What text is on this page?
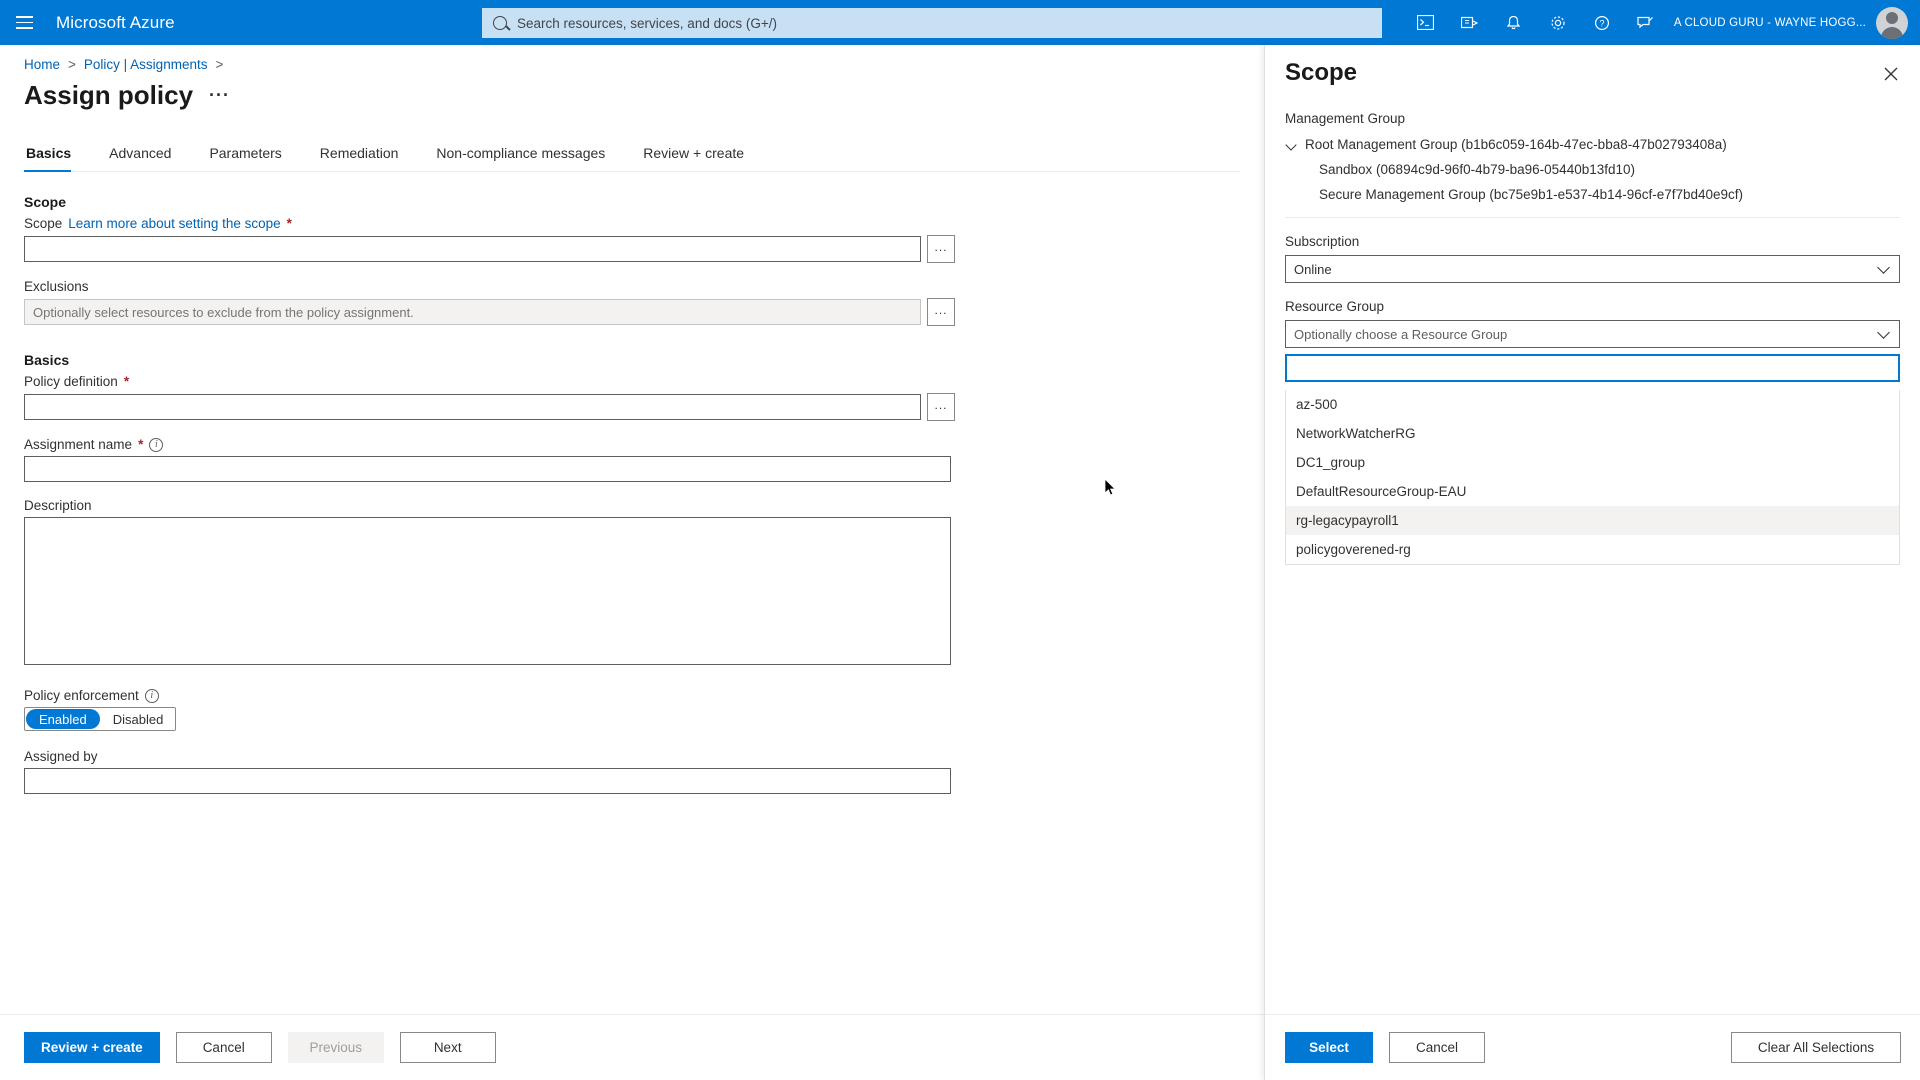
Microsoft Azure	Search resources, services, and docs (G+/)	?	A CLOUD GURU - WAYNE HOGG...
Home > Policy | Assignments >
Assign policy ···
Basics	Advanced	Parameters	Remediation	Non-compliance messages	Review + create
Scope
Scope Learn more about setting the scope *
...
Exclusions
Optionally select resources to exclude from the policy assignment.
...
Basics
Policy definition *
...
Assignment name *	i
Description
Policy enforcement	i
Enabled	Disabled
Assigned by
Review + create	Cancel	Previous	Next
Scope
Management Group
Root Management Group (b1b6c059-164b-47ec-bba8-47b02793408a)
Sandbox (06894c9d-96f0-4b79-ba96-05440b13fd10)
Secure Management Group (bc75e9b1-e537-4b14-96cf-e7f7bd40e9cf)
Subscription
Online
Resource Group
Optionally choose a Resource Group
az-500
NetworkWatcherRG
DC1_group
DefaultResourceGroup-EAU
rg-legacypayroll1
policygoverened-rg
Select	Cancel	Clear All Selections
